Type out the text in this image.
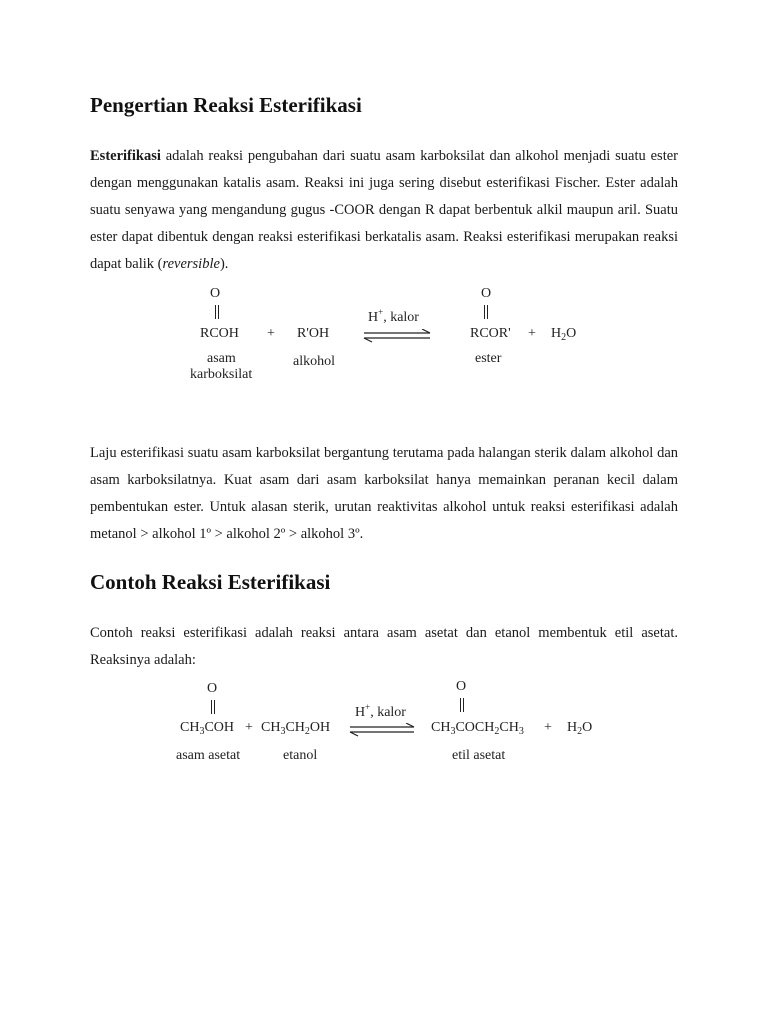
Pengertian Reaksi Esterifikasi

Esterifikasi adalah reaksi pengubahan dari suatu asam karboksilat dan alkohol menjadi suatu ester dengan menggunakan katalis asam. Reaksi ini juga sering disebut esterifikasi Fischer. Ester adalah suatu senyawa yang mengandung gugus -COOR dengan R dapat berbentuk alkil maupun aril. Suatu ester dapat dibentuk dengan reaksi esterifikasi berkatalis asam. Reaksi esterifikasi merupakan reaksi dapat balik (reversible).

O
RCOH + R'OH
H+, kalor
O
RCOR' + $H_2O$
asam
karboksilat
alkohol	ester

Laju esterifikasi suatu asam karboksilat bergantung terutama pada halangan sterik dalam alkohol dan asam karboksilatnya. Kuat asam dari asam karboksilat hanya memainkan peranan kecil dalam pembentukan ester. Untuk alasan sterik, urutan reaktivitas alkohol untuk reaksi esterifikasi adalah metanol > alkohol 1º > alkohol 2º > alkohol 3º.

Contoh Reaksi Esterifikasi

Contoh reaksi esterifikasi adalah reaksi antara asam asetat dan etanol membentuk etil asetat. Reaksinya adalah:

O
$CH_3COH + CH_3CH_2OH$
H+, kalor
O
$CH_3COCH_2CH_3 + H_2O$
asam asetat	etanol	etil asetat
